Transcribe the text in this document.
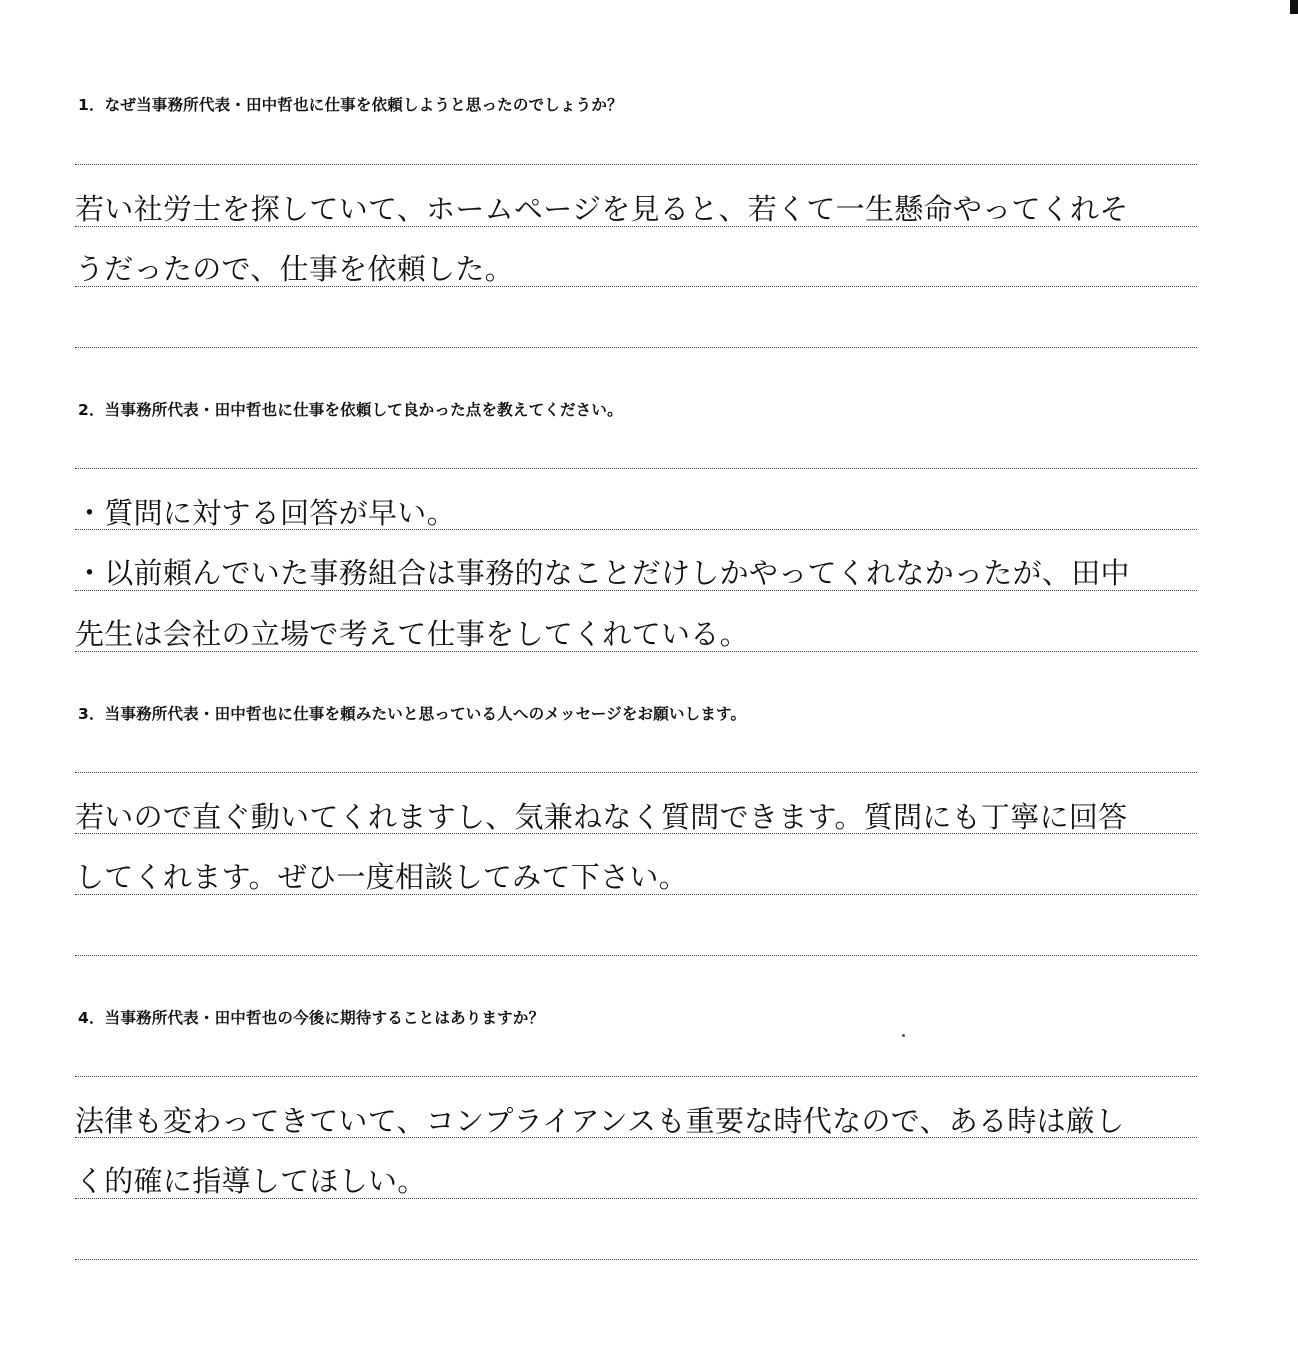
1．なぜ当事務所代表・田中哲也に仕事を依頼しようと思ったのでしょうか？

若い社労士を探していて、ホームページを見ると、若くて一生懸命やってくれそ

うだったので、仕事を依頼した。

2．当事務所代表・田中哲也に仕事を依頼して良かった点を教えてください。

・質問に対する回答が早い。

・以前頼んでいた事務組合は事務的なことだけしかやってくれなかったが、田中

先生は会社の立場で考えて仕事をしてくれている。

3．当事務所代表・田中哲也に仕事を頼みたいと思っている人へのメッセージをお願いします。

若いので直ぐ動いてくれますし、気兼ねなく質問できます。質問にも丁寧に回答

してくれます。ぜひ一度相談してみて下さい。

4．当事務所代表・田中哲也の今後に期待することはありますか？

法律も変わってきていて、コンプライアンスも重要な時代なので、ある時は厳し

く的確に指導してほしい。
